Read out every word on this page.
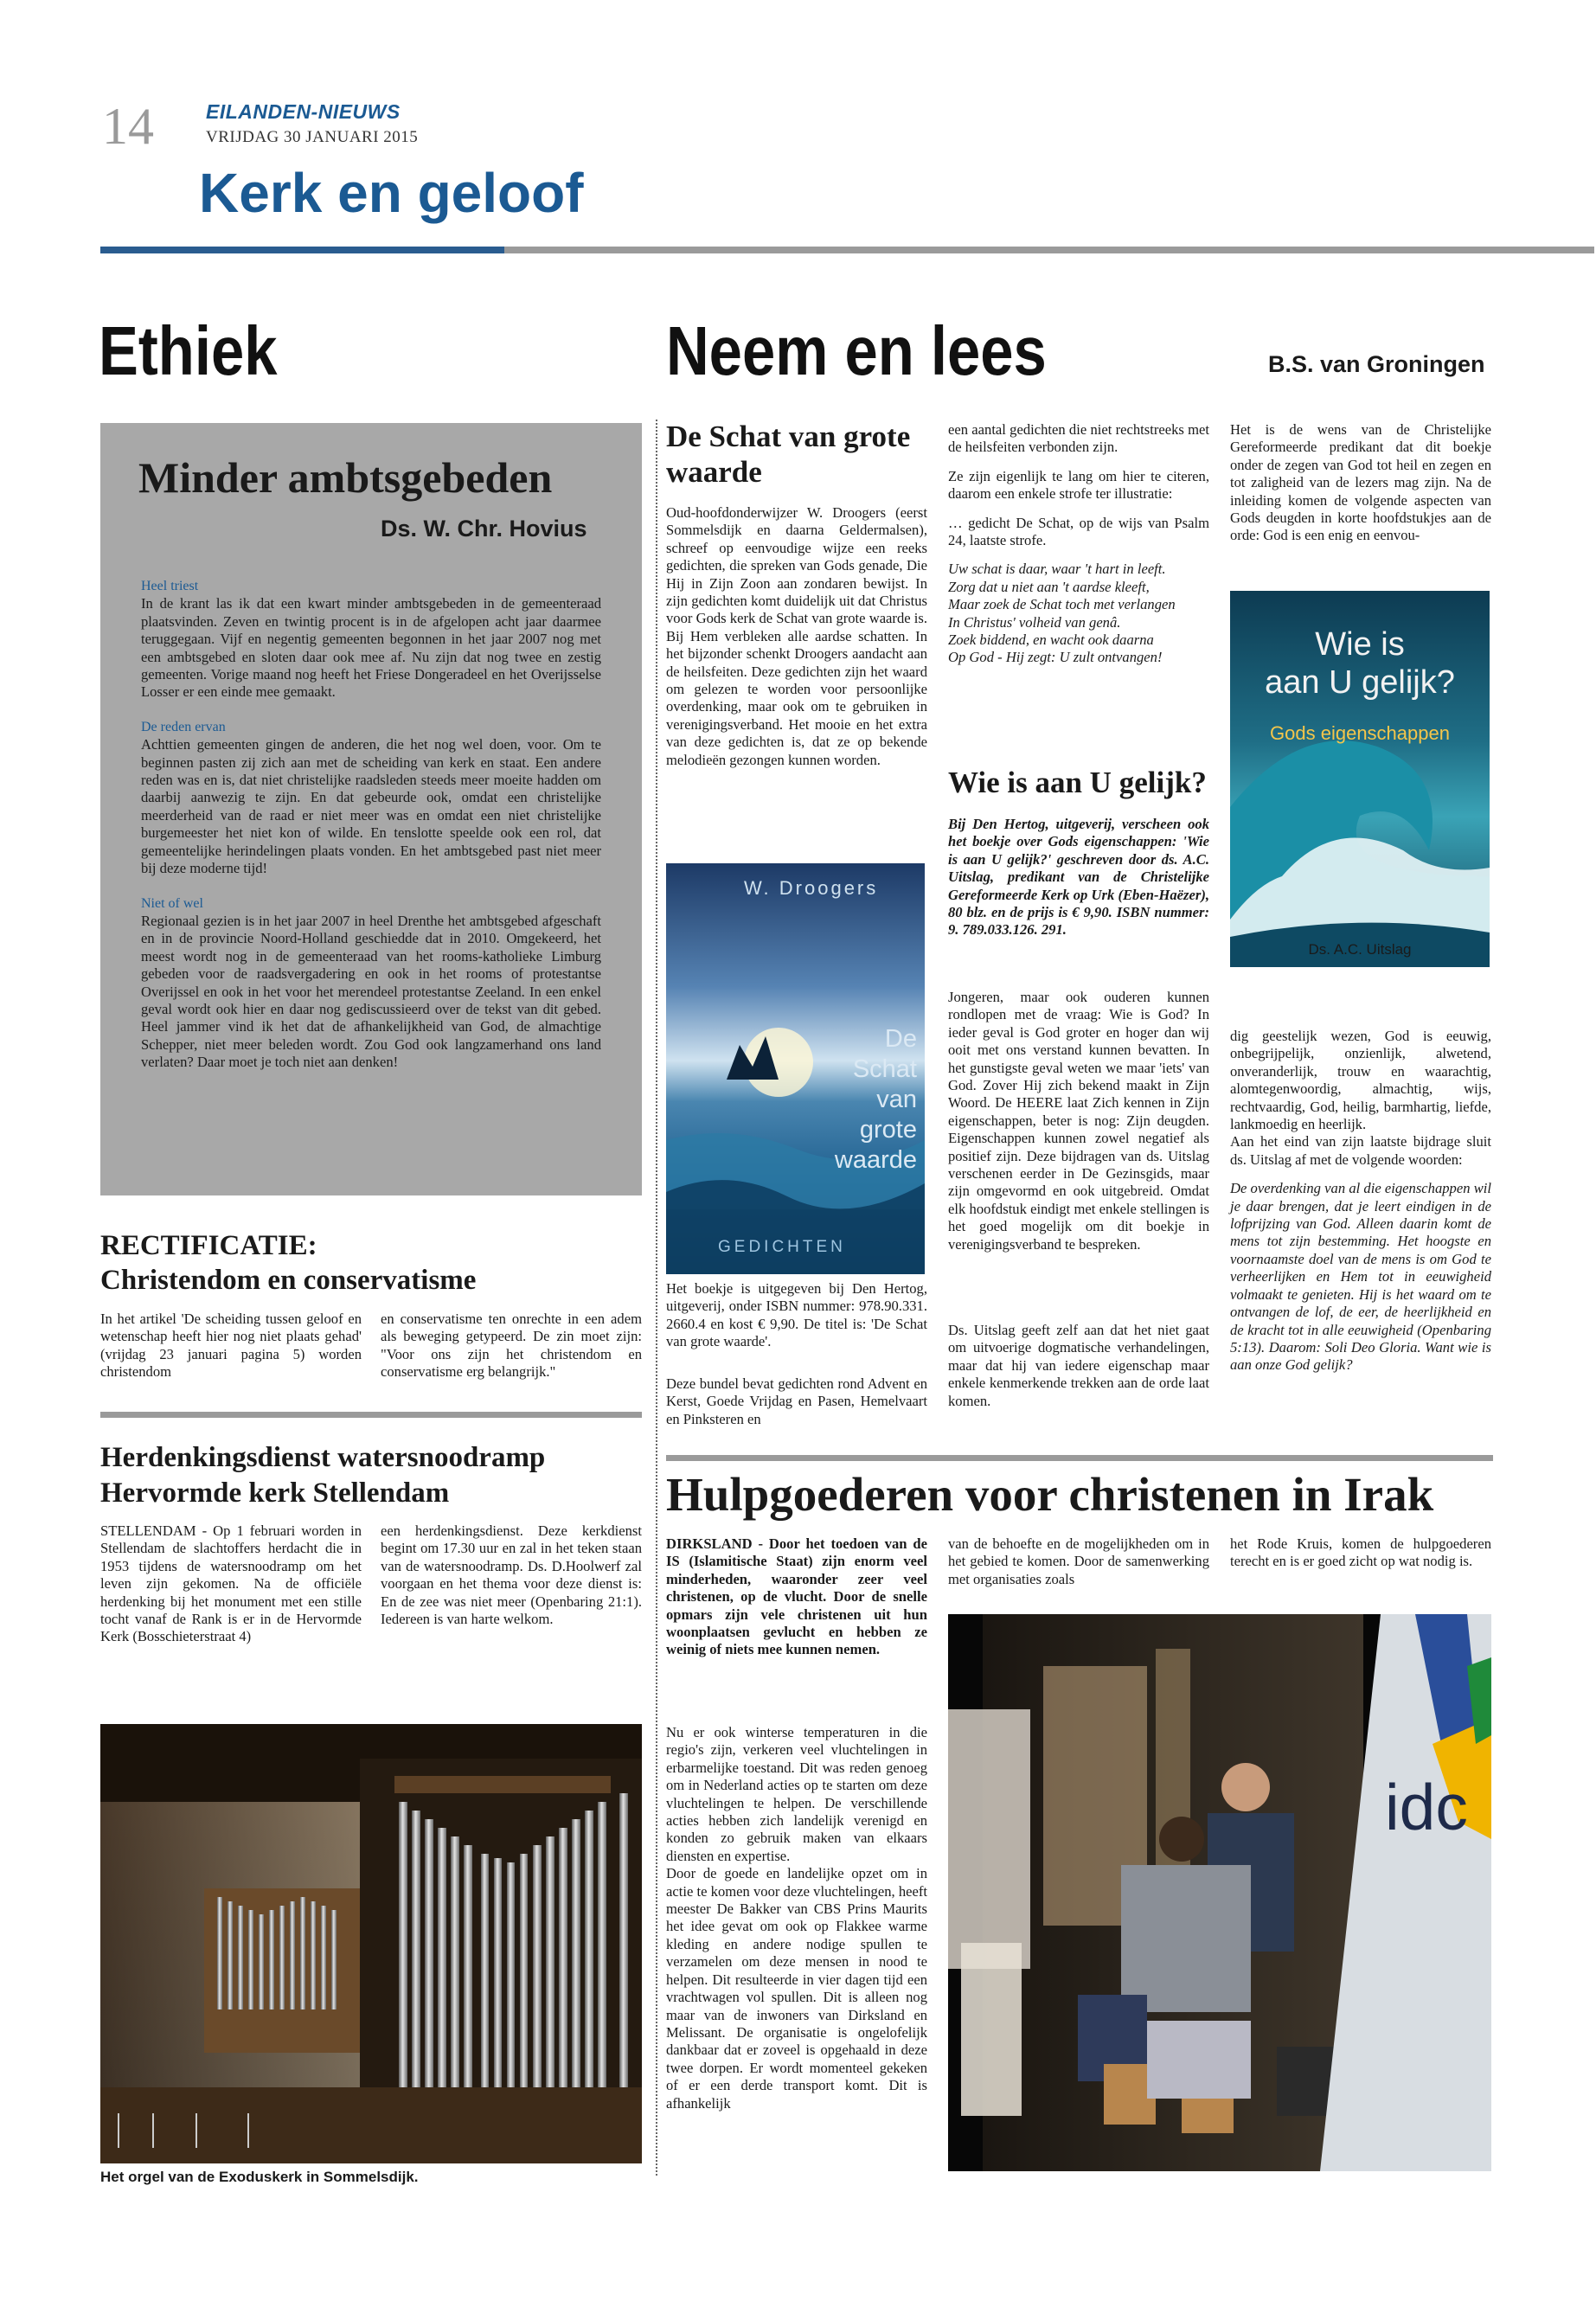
14	EILANDEN-NIEUWS
VRIJDAG 30 JANUARI 2015
Kerk en geloof
Ethiek
Minder ambtsgebeden
Ds. W. Chr. Hovius
Heel triest

In de krant las ik dat een kwart minder ambtsgebeden in de gemeenteraad plaatsvinden. Zeven en twintig procent is in de afgelopen acht jaar daarmee teruggegaan. Vijf en negentig gemeenten begonnen in het jaar 2007 nog met een ambtsgebed en sloten daar ook mee af. Nu zijn dat nog twee en zestig gemeenten. Vorige maand nog heeft het Friese Dongeradeel en het Overijsselse Losser er een einde mee gemaakt.

De reden ervan

Achttien gemeenten gingen de anderen, die het nog wel doen, voor. Om te beginnen pasten zij zich aan met de scheiding van kerk en staat. Een andere reden was en is, dat niet christelijke raadsleden steeds meer moeite hadden om daarbij aanwezig te zijn. En dat gebeurde ook, omdat een christelijke meerderheid van de raad er niet meer was en omdat een niet christelijke burgemeester het niet kon of wilde. En tenslotte speelde ook een rol, dat gemeentelijke herindelingen plaats vonden. En het ambtsgebed past niet meer bij deze moderne tijd!

Niet of wel

Regionaal gezien is in het jaar 2007 in heel Drenthe het ambtsgebed afgeschaft en in de provincie Noord-Holland geschiedde dat in 2010. Omgekeerd, het meest wordt nog in de gemeenteraad van het rooms-katholieke Limburg gebeden voor de raadsvergadering en ook in het rooms of protestantse Overijssel en ook in het voor het merendeel protestantse Zeeland. In een enkel geval wordt ook hier en daar nog gediscussieerd over de tekst van dit gebed. Heel jammer vind ik het dat de afhankelijkheid van God, de almachtige Schepper, niet meer beleden wordt. Zou God ook langzamerhand ons land verlaten? Daar moet je toch niet aan denken!

RECTIFICATIE:
Christendom en conservatisme
In het artikel 'De scheiding tussen geloof en wetenschap heeft hier nog niet plaats gehad' (vrijdag 23 januari pagina 5) worden christendom
en conservatisme ten onrechte in een adem als beweging getypeerd. De zin moet zijn: "Voor ons zijn het christendom en conservatisme erg belangrijk."
Herdenkingsdienst watersnoodramp
Hervormde kerk Stellendam
STELLENDAM - Op 1 februari worden in Stellendam de slachtoffers herdacht die in 1953 tijdens de watersnoodramp om het leven zijn gekomen. Na de officiële herdenking bij het monument met een stille tocht vanaf de Rank is er in de Hervormde Kerk (Bosschieterstraat 4)
een herdenkingsdienst. Deze kerkdienst begint om 17.30 uur en zal in het teken staan van de watersnoodramp. Ds. D.Hoolwerf zal voorgaan en het thema voor deze dienst is: En de zee was niet meer (Openbaring 21:1). Iedereen is van harte welkom.
Het orgel van de Exoduskerk in Sommelsdijk.
Neem en lees	B.S. van Groningen
De Schat van grote waarde
Oud-hoofdonderwijzer W. Droogers (eerst Sommelsdijk en daarna Geldermalsen), schreef op eenvoudige wijze een reeks gedichten, die spreken van Gods genade, Die Hij in Zijn Zoon aan zondaren bewijst. In zijn gedichten komt duidelijk uit dat Christus voor Gods kerk de Schat van grote waarde is. Bij Hem verbleken alle aardse schatten. In het bijzonder schenkt Droogers aandacht aan de heilsfeiten. Deze gedichten zijn het waard om gelezen te worden voor persoonlijke overdenking, maar ook om te gebruiken in verenigingsverband. Het mooie en het extra van deze gedichten is, dat ze op bekende melodieën gezongen kunnen worden.
W. Droogers
De
Schat
van
grote
waarde
GEDICHTEN
Het boekje is uitgegeven bij Den Hertog, uitgeverij, onder ISBN nummer: 978.90.331. 2660.4 en kost € 9,90. De titel is: 'De Schat van grote waarde'.
Deze bundel bevat gedichten rond Advent en Kerst, Goede Vrijdag en Pasen, Hemelvaart en Pinksteren en

een aantal gedichten die niet rechtstreeks met de heilsfeiten verbonden zijn.

Ze zijn eigenlijk te lang om hier te citeren, daarom een enkele strofe ter illustratie:

… gedicht De Schat, op de wijs van Psalm 24, laatste strofe.

Uw schat is daar, waar 't hart in leeft.
Zorg dat u niet aan 't aardse kleeft,
Maar zoek de Schat toch met verlangen
In Christus' volheid van genâ.
Zoek biddend, en wacht ook daarna
Op God - Hij zegt: U zult ontvangen!
Wie is aan U gelijk?
Bij Den Hertog, uitgeverij, verscheen ook het boekje over Gods eigenschappen: 'Wie is aan U gelijk?' geschreven door ds. A.C. Uitslag, predikant van de Christelijke Gereformeerde Kerk op Urk (Eben-Haëzer), 80 blz. en de prijs is € 9,90. ISBN nummer: 9. 789.033.126. 291.
Jongeren, maar ook ouderen kunnen rondlopen met de vraag: Wie is God? In ieder geval is God groter en hoger dan wij ooit met ons verstand kunnen bevatten. In het gunstigste geval weten we maar 'iets' van God. Zover Hij zich bekend maakt in Zijn Woord. De HEERE laat Zich kennen in Zijn eigenschappen, beter is nog: Zijn deugden. Eigenschappen kunnen zowel negatief als positief zijn. Deze bijdragen van ds. Uitslag verschenen eerder in De Gezinsgids, maar zijn omgevormd en ook uitgebreid. Omdat elk hoofdstuk eindigt met enkele stellingen is het goed mogelijk om dit boekje in verenigingsverband te bespreken.
Ds. Uitslag geeft zelf aan dat het niet gaat om uitvoerige dogmatische verhandelingen, maar dat hij van iedere eigenschap maar enkele kenmerkende trekken aan de orde laat komen.
Het is de wens van de Christelijke Gereformeerde predikant dat dit boekje onder de zegen van God tot heil en zegen en tot zaligheid van de lezers mag zijn. Na de inleiding komen de volgende aspecten van Gods deugden in korte hoofdstukjes aan de orde: God is een enig en eenvou-
Wie is
aan U gelijk?
Gods eigenschappen
Ds. A.C. Uitslag

dig geestelijk wezen, God is eeuwig, onbegrijpelijk, onzienlijk, alwetend, onveranderlijk, trouw en waarachtig, alomtegenwoordig, almachtig, wijs, rechtvaardig, God, heilig, barmhartig, liefde, lankmoedig en heerlijk.

Aan het eind van zijn laatste bijdrage sluit ds. Uitslag af met de volgende woorden:

De overdenking van al die eigenschappen wil je daar brengen, dat je leert eindigen in de lofprijzing van God. Alleen daarin komt de mens tot zijn bestemming. Het hoogste en voornaamste doel van de mens is om God te verheerlijken en Hem tot in eeuwigheid volmaakt te genieten. Hij is het waard om te ontvangen de lof, de eer, de heerlijkheid en de kracht tot in alle eeuwigheid (Openbaring 5:13). Daarom: Soli Deo Gloria. Want wie is aan onze God gelijk?

Hulpgoederen voor christenen in Irak
DIRKSLAND - Door het toedoen van de IS (Islamitische Staat) zijn enorm veel minderheden, waaronder zeer veel christenen, op de vlucht. Door de snelle opmars zijn vele christenen uit hun woonplaatsen gevlucht en hebben ze weinig of niets mee kunnen nemen.

Nu er ook winterse temperaturen in die regio's zijn, verkeren veel vluchtelingen in erbarmelijke toestand. Dit was reden genoeg om in Nederland acties op te starten om deze vluchtelingen te helpen. De verschillende acties hebben zich landelijk verenigd en konden zo gebruik maken van elkaars diensten en expertise.

Door de goede en landelijke opzet om in actie te komen voor deze vluchtelingen, heeft meester De Bakker van CBS Prins Maurits het idee gevat om ook op Flakkee warme kleding en andere nodige spullen te verzamelen om deze mensen in nood te helpen. Dit resulteerde in vier dagen tijd een vrachtwagen vol spullen. Dit is alleen nog maar van de inwoners van Dirksland en Melissant. De organisatie is ongelofelijk dankbaar dat er zoveel is opgehaald in deze twee dorpen. Er wordt momenteel gekeken of er een derde transport komt. Dit is afhankelijk

van de behoefte en de mogelijkheden om in het gebied te komen. Door de samenwerking met organisaties zoals
het Rode Kruis, komen de hulpgoederen terecht en is er goed zicht op wat nodig is.
idc
